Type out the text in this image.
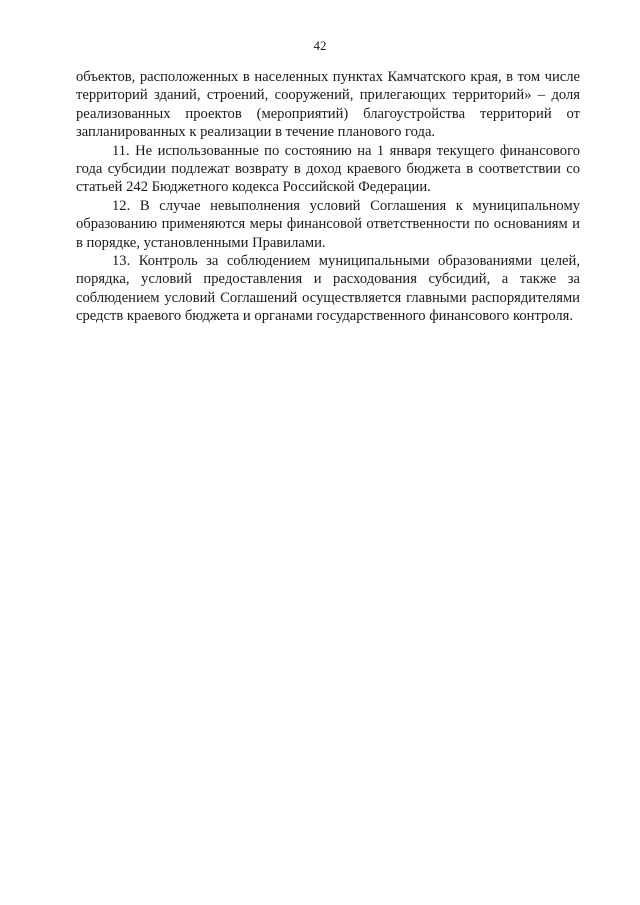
42

объектов, расположенных в населенных пунктах Камчатского края, в том числе территорий зданий, строений, сооружений, прилегающих территорий» – доля реализованных проектов (мероприятий) благоустройства территорий от запланированных к реализации в течение планового года.

11. Не использованные по состоянию на 1 января текущего финансового года субсидии подлежат возврату в доход краевого бюджета в соответствии со статьей 242 Бюджетного кодекса Российской Федерации.

12. В случае невыполнения условий Соглашения к муниципальному образованию применяются меры финансовой ответственности по основаниям и в порядке, установленными Правилами.

13. Контроль за соблюдением муниципальными образованиями целей, порядка, условий предоставления и расходования субсидий, а также за соблюдением условий Соглашений осуществляется главными распорядителями средств краевого бюджета и органами государственного финансового контроля.
